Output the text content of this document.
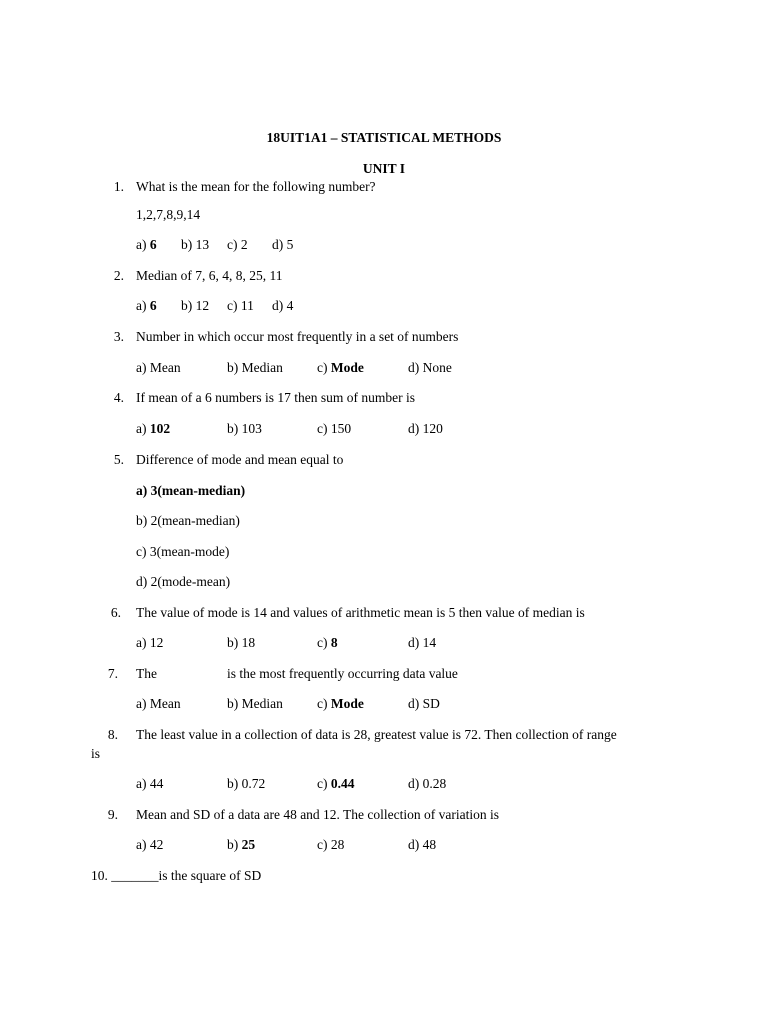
18UIT1A1 – STATISTICAL METHODS
UNIT I
1. What is the mean for the following number?
1,2,7,8,9,14
a) 6 b) 13 c) 2 d) 5
2. Median of 7, 6, 4, 8, 25, 11
a) 6 b) 12 c) 11 d) 4
3. Number in which occur most frequently in a set of numbers
a) Mean	b) Median	c) Mode	d) None
4. If mean of a 6 numbers is 17 then sum of number is
a) 102	b) 103	c) 150	d) 120
5. Difference of mode and mean equal to
a) 3(mean-median)
b) 2(mean-median)
c) 3(mean-mode)
d) 2(mode-mean)
6. The value of mode is 14 and values of arithmetic mean is 5 then value of median is
a) 12	b) 18	c) 8	d) 14
7. The	is the most frequently occurring data value
a) Mean	b) Median	c) Mode	d) SD
8. The least value in a collection of data is 28, greatest value is 72. Then collection of range
is
a) 44	b) 0.72	c) 0.44	d) 0.28
9. Mean and SD of a data are 48 and 12. The collection of variation is
a) 42	b) 25	c) 28	d) 48
10. _______is the square of SD
